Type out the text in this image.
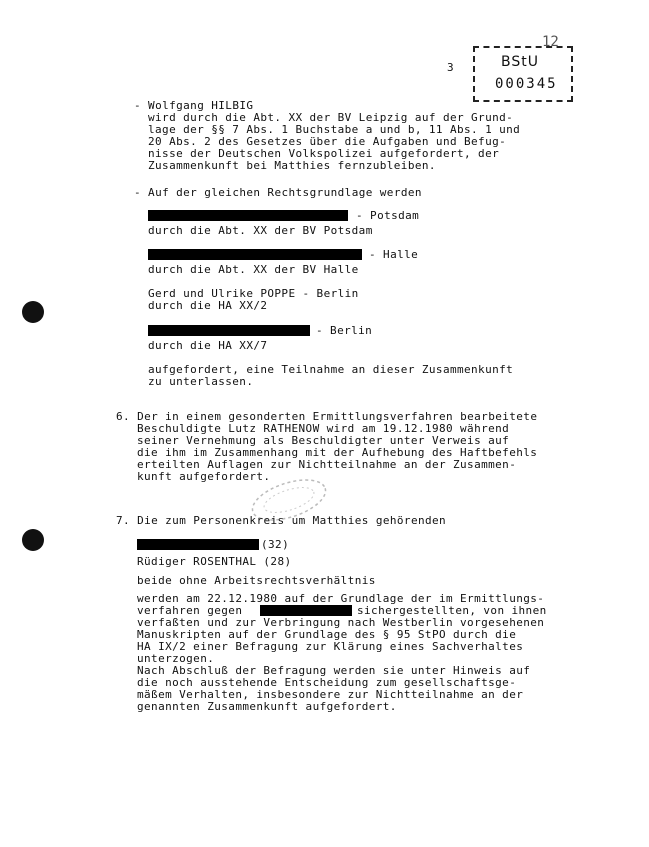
BStU
000345
12
3
- Wolfgang HILBIG
wird durch die Abt. XX der BV Leipzig auf der Grund-
lage der §§ 7 Abs. 1 Buchstabe a und b, 11 Abs. 1 und
20 Abs. 2 des Gesetzes über die Aufgaben und Befug-
nisse der Deutschen Volkspolizei aufgefordert, der
Zusammenkunft bei Matthies fernzubleiben.
- Auf der gleichen Rechtsgrundlage werden
- Potsdam
durch die Abt. XX der BV Potsdam
- Halle
durch die Abt. XX der BV Halle
Gerd und Ulrike POPPE - Berlin
durch die HA XX/2
- Berlin
durch die HA XX/7
aufgefordert, eine Teilnahme an dieser Zusammenkunft
zu unterlassen.
6. Der in einem gesonderten Ermittlungsverfahren bearbeitete
Beschuldigte Lutz RATHENOW wird am 19.12.1980 während
seiner Vernehmung als Beschuldigter unter Verweis auf
die ihm im Zusammenhang mit der Aufhebung des Haftbefehls
erteilten Auflagen zur Nichtteilnahme an der Zusammen-
kunft aufgefordert.
7. Die zum Personenkreis um Matthies gehörenden
(32)
Rüdiger ROSENTHAL (28)
beide ohne Arbeitsrechtsverhältnis
werden am 22.12.1980 auf der Grundlage der im Ermittlungs-
verfahren gegen	sichergestellten, von ihnen
verfaßten und zur Verbringung nach Westberlin vorgesehenen
Manuskripten auf der Grundlage des § 95 StPO durch die
HA IX/2 einer Befragung zur Klärung eines Sachverhaltes
unterzogen.
Nach Abschluß der Befragung werden sie unter Hinweis auf
die noch ausstehende Entscheidung zum gesellschaftsge-
mäßem Verhalten, insbesondere zur Nichtteilnahme an der
genannten Zusammenkunft aufgefordert.
